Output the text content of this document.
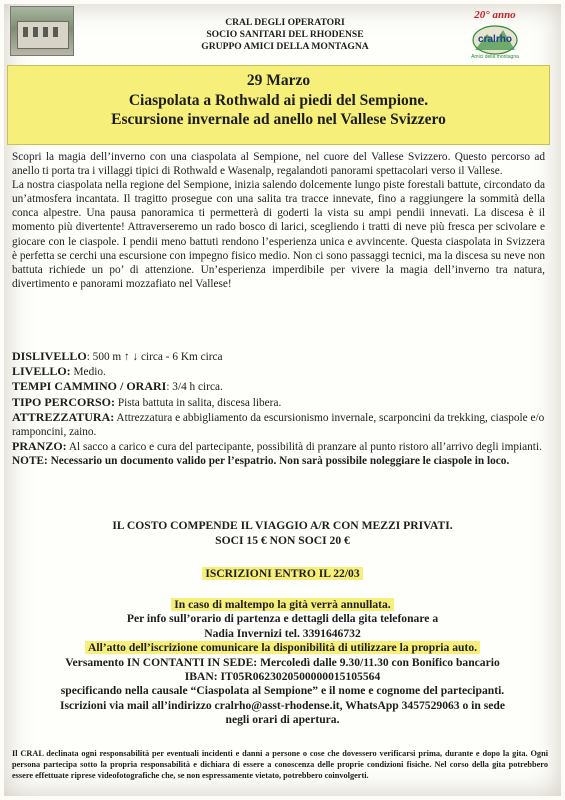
CRAL DEGLI OPERATORI
SOCIO SANITARI DEL RHODENSE
GRUPPO AMICI DELLA MONTAGNA
20° anno
cralrho
Amici della montagna
29 Marzo
Ciaspolata a Rothwald ai piedi del Sempione.
Escursione invernale ad anello nel Vallese Svizzero

Scopri la magia dell’inverno con una ciaspolata al Sempione, nel cuore del Vallese Svizzero. Questo percorso ad anello ti porta tra i villaggi tipici di Rothwald e Wasenalp, regalandoti panorami spettacolari verso il Vallese.

La nostra ciaspolata nella regione del Sempione, inizia salendo dolcemente lungo piste forestali battute, circondato da un’atmosfera incantata. Il tragitto prosegue con una salita tra tracce innevate, fino a raggiungere la sommità della conca alpestre. Una pausa panoramica ti permetterà di goderti la vista su ampi pendii innevati. La discesa è il momento più divertente! Attraverseremo un rado bosco di larici, scegliendo i tratti di neve più fresca per scivolare e giocare con le ciaspole. I pendii meno battuti rendono l’esperienza unica e avvincente. Questa ciaspolata in Svizzera è perfetta se cerchi una escursione con impegno fisico medio. Non ci sono passaggi tecnici, ma la discesa su neve non battuta richiede un po’ di attenzione. Un’esperienza imperdibile per vivere la magia dell’inverno tra natura, divertimento e panorami mozzafiato nel Vallese!

DISLIVELLO: 500 m ↑ ↓ circa - 6 Km circa

LIVELLO: Medio.

TEMPI CAMMINO / ORARI: 3/4 h circa.

TIPO PERCORSO: Pista battuta in salita, discesa libera.

ATTREZZATURA: Attrezzatura e abbigliamento da escursionismo invernale, scarponcini da trekking, ciaspole e/o ramponcini, zaino.

PRANZO: Al sacco a carico e cura del partecipante, possibilità di pranzare al punto ristoro all’arrivo degli impianti.

NOTE: Necessario un documento valido per l’espatrio. Non sarà possibile noleggiare le ciaspole in loco.

IL COSTO COMPENDE IL VIAGGIO A/R CON MEZZI PRIVATI.
SOCI 15 € NON SOCI 20 €
ISCRIZIONI ENTRO IL 22/03
In caso di maltempo la gità verrà annullata.
Per info sull’orario di partenza e dettagli della gita telefonare a
Nadia Invernizi tel. 3391646732
All’atto dell’iscrizione comunicare la disponibilità di utilizzare la propria auto.
Versamento IN CONTANTI IN SEDE: Mercoledì dalle 9.30/11.30 con Bonifico bancario
IBAN: IT05R0623020500000015105564
specificando nella causale “Ciaspolata al Sempione” e il nome e cognome del partecipanti.
Iscrizioni via mail all’indirizzo cralrho@asst-rhodense.it, WhatsApp 3457529063 o in sede
negli orari di apertura.
Il CRAL declinata ogni responsabilità per eventuali incidenti e danni a persone o cose che dovessero verificarsi prima, durante e dopo la gita. Ogni persona partecipa sotto la propria responsabilità e dichiara di essere a conoscenza delle proprie condizioni fisiche. Nel corso della gita potrebbero essere effettuate riprese videofotografiche che, se non espressamente vietato, potrebbero coinvolgerti.
